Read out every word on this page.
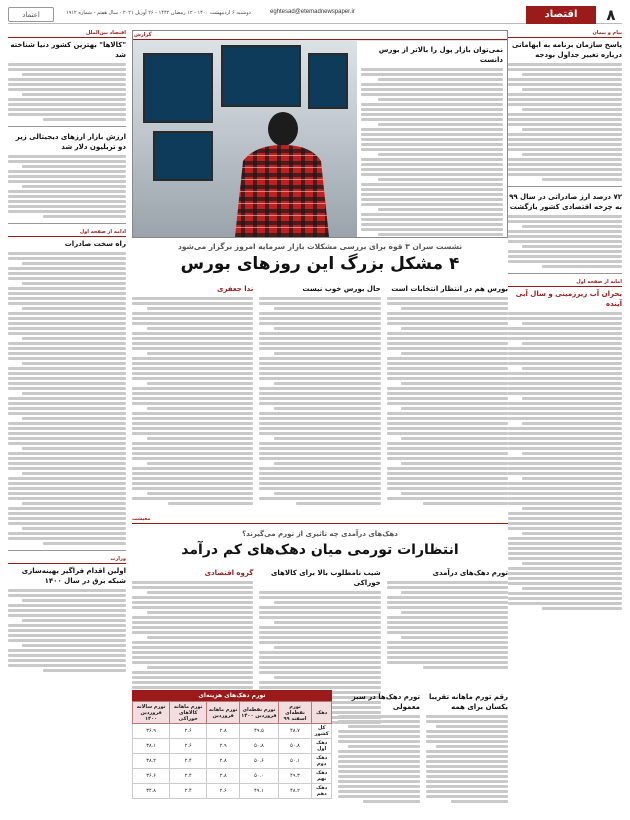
۸
اقتصاد
eghtesad@etemadnewspaper.ir
دوشنبه ۶ اردیبهشت ۱۴۰۰ - ۱۲ رمضان ۱۴۴۲ - ۲۶ آوریل ۲۰۲۱ - سال هفتم - شماره ۱۹۱۲
اعتماد
پیام و پیمان
پاسخ سازمان برنامه به ابهاماتی درباره تغییر جداول بودجه
۷۲ درصد ارز صادراتی در سال ۹۹ به چرخه اقتصادی کشور بازگشت
امانه از صفحه اول
بحران آب زیرزمینی و سال آبی آینده
اقتصاد بین‌الملل
"کالاها" بهترین کشور دنیا شناخته شد
ارزش بازار ارزهای دیجیتالی زیر دو تریلیون دلار شد
ادامه از صفحه اول
راه سخت صادرات
وزارت
اولین اقدام فراگیر بهینه‌سازی شبکه برق در سال ۱۴۰۰
گزارش
نمی‌توان بازار پول را بالاتر از بورس دانست
نشست سران ۳ قوه برای بررسی مشکلات بازار سرمایه امروز برگزار می‌شود
۴ مشکل بزرگ این روزهای بورس
بورس هم در انتظار انتخابات است
حال بورس خوب نیست
ندا جعفری
معیشت
دهک‌های درآمدی چه تاثیری از تورم می‌گیرند؟
انتظارات تورمی میان دهک‌های کم درآمد
تورم دهک‌های درآمدی
شیب نامطلوب بالا برای کالاهای خوراکی
گروه اقتصادی
تورم دهک‌های هزینه‌ای
دهک	تورم نقطه‌ای اسفند ۹۹	تورم نقطه‌ای فروردین ۱۴۰۰	تورم ماهانه فروردین	تورم ماهانه کالاهای خوراکی	تورم سالانه فروردین ۱۴۰۰
کل کشور	۴۸.۷	۴۹.۵	۲.۸	۲.۶	۳۶.۹
دهک اول	۵۰.۸	۵۰.۸	۲.۹	۲.۶	۳۸.۱
دهک دوم	۵۰.۱	۵۰.۶	۲.۸	۲.۴	۳۸.۲
دهک نهم	۴۹.۳	۵۰.۰	۲.۸	۲.۴	۳۶.۶
دهک دهم	۴۸.۲	۴۹.۱	۲.۶	۲.۴	۳۴.۸
رقم تورم ماهانه تقریبا یکسان برای همه
تورم دهک‌ها در سبز معمولی
